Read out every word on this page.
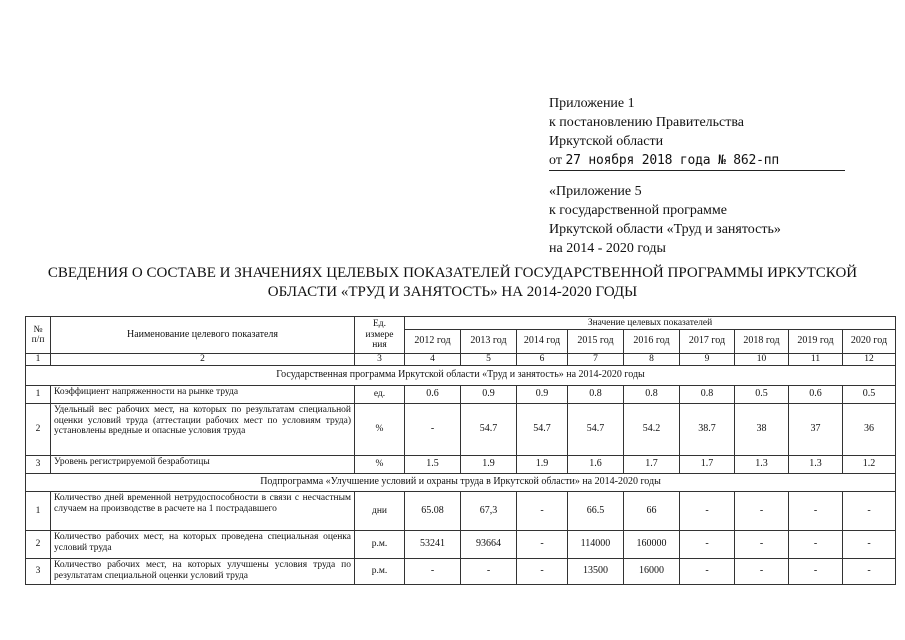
Приложение 1
к постановлению Правительства
Иркутской области
от 27 ноября 2018 года № 862-пп
«Приложение 5
к государственной программе
Иркутской области «Труд и занятость»
на 2014 - 2020 годы
СВЕДЕНИЯ О СОСТАВЕ И ЗНАЧЕНИЯХ ЦЕЛЕВЫХ ПОКАЗАТЕЛЕЙ ГОСУДАРСТВЕННОЙ ПРОГРАММЫ ИРКУТСКОЙ
ОБЛАСТИ «ТРУД И ЗАНЯТОСТЬ» НА 2014-2020 ГОДЫ
№ п/п	Наименование целевого показателя	Ед. измере ния	Значение целевых показателей								
			2012 год	2013 год	2014 год	2015 год	2016 год	2017 год	2018 год	2019 год	2020 год
1	2	3	4	5	6	7	8	9	10	11	12
Государственная программа Иркутской области «Труд и занятость» на 2014-2020 годы											
1	Коэффициент напряженности на рынке труда	ед.	0.6	0.9	0.9	0.8	0.8	0.8	0.5	0.6	0.5
2	Удельный вес рабочих мест, на которых по результатам специальной оценки условий труда (аттестации рабочих мест по условиям труда) установлены вредные и опасные условия труда	%	-	54.7	54.7	54.7	54.2	38.7	38	37	36
3	Уровень регистрируемой безработицы	%	1.5	1.9	1.9	1.6	1.7	1.7	1.3	1.3	1.2
Подпрограмма «Улучшение условий и охраны труда в Иркутской области» на 2014-2020 годы											
1	Количество дней временной нетрудоспособности в связи с несчастным случаем на производстве в расчете на 1 пострадавшего	дни	65.08	67,3	-	66.5	66	-	-	-	-
2	Количество рабочих мест, на которых проведена специальная оценка условий труда	р.м.	53241	93664	-	114000	160000	-	-	-	-
3	Количество рабочих мест, на которых улучшены условия труда по результатам специальной оценки условий труда	р.м.	-	-	-	13500	16000	-	-	-	-
